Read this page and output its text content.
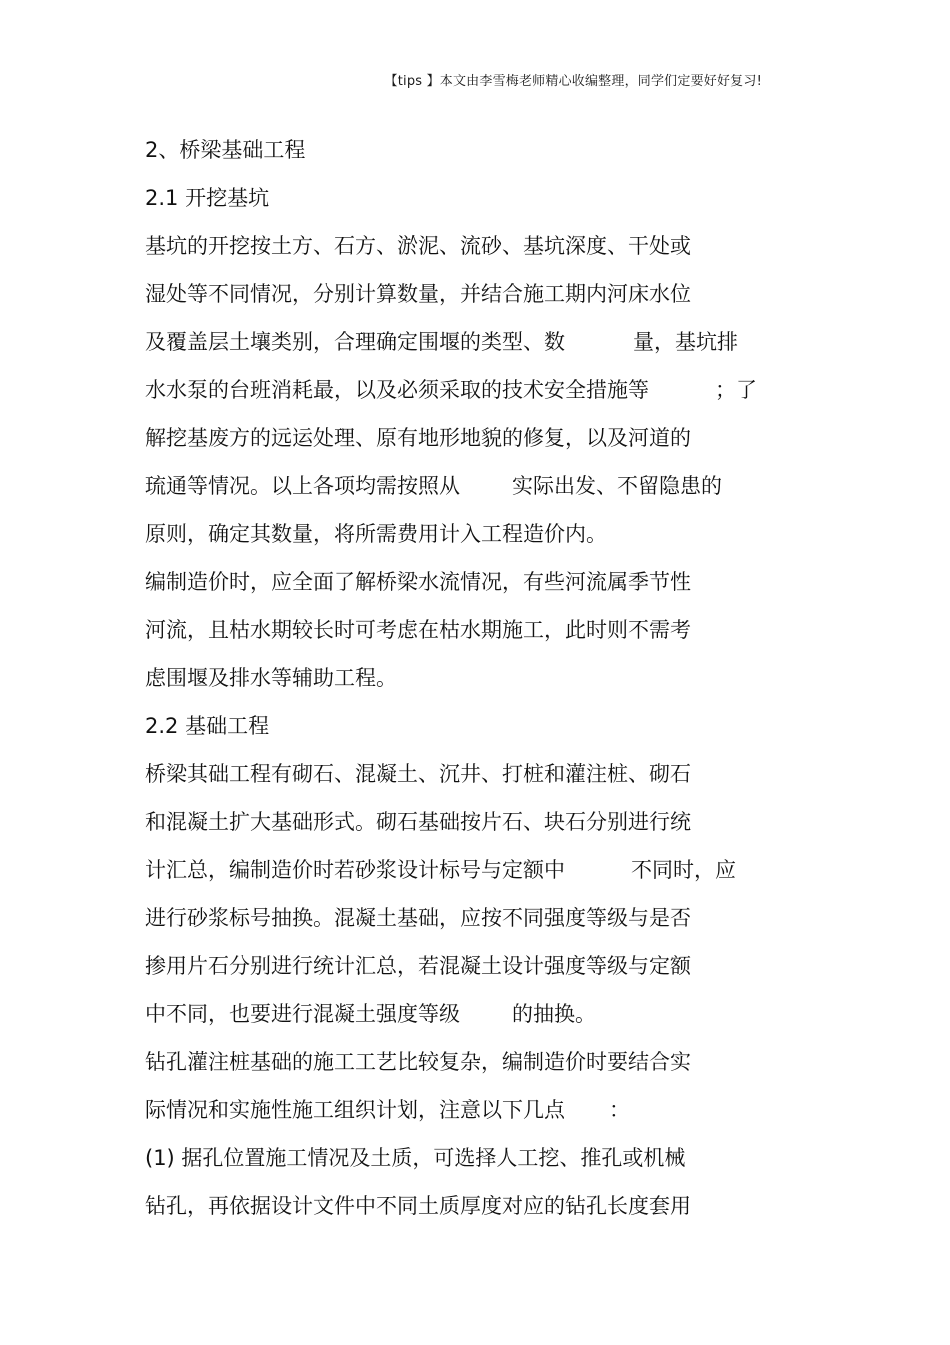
【tips 】本文由李雪梅老师精心收编整理，同学们定要好好复习!
2、桥梁基础工程
2.1 开挖基坑
基坑的开挖按土方、石方、淤泥、流砂、基坑深度、干处或
湿处等不同情况，分别计算数量，并结合施工期内河床水位
及覆盖层土壤类别，合理确定围堰的类型、数	量，基坑排
水水泵的台班消耗最，以及必须采取的技术安全措施等	；了
解挖基废方的远运处理、原有地形地貌的修复，以及河道的
琉通等情况。以上各项均需按照从 实际出发、不留隐患的
原则，确定其数量，将所需费用计入工程造价内。
编制造价时，应全面了解桥梁水流情况，有些河流属季节性
河流，且枯水期较长时可考虑在枯水期施工，此时则不需考
虑围堰及排水等辅助工程。
2.2 基础工程
桥梁其础工程有砌石、混凝土、沉井、打桩和灌注桩、砌石
和混凝土扩大基础形式。砌石基础按片石、块石分别进行统
计汇总，编制造价时若砂浆设计标号与定额中	不同时，应
进行砂浆标号抽换。混凝土基础，应按不同强度等级与是否
掺用片石分别进行统计汇总，若混凝土设计强度等级与定额
中不同，也要进行混凝土强度等级 的抽换。
钻孔灌注桩基础的施工工艺比较复杂，编制造价时要结合实
际情况和实施性施工组织计划，注意以下几点 ：
(1) 据孔位置施工情况及土质，可选择人工挖、推孔或机械
钻孔，再依据设计文件中不同土质厚度对应的钻孔长度套用
